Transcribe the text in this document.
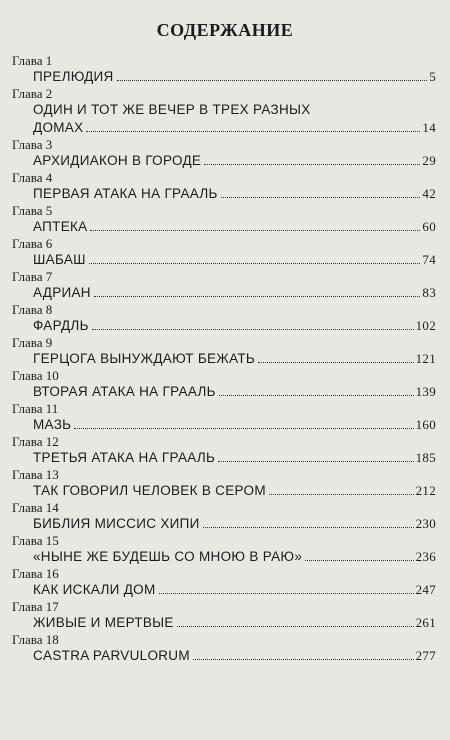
СОДЕРЖАНИЕ
Глава 1
ПРЕЛЮДИЯ	5
Глава 2
ОДИН И ТОТ ЖЕ ВЕЧЕР В ТРЕХ РАЗНЫХ
ДОМАХ	14
Глава 3
АРХИДИАКОН В ГОРОДЕ	29
Глава 4
ПЕРВАЯ АТАКА НА ГРААЛЬ	42
Глава 5
АПТЕКА	60
Глава 6
ШАБАШ	74
Глава 7
АДРИАН	83
Глава 8
ФАРДЛЬ	102
Глава 9
ГЕРЦОГА ВЫНУЖДАЮТ БЕЖАТЬ	121
Глава 10
ВТОРАЯ АТАКА НА ГРААЛЬ	139
Глава 11
МАЗЬ	160
Глава 12
ТРЕТЬЯ АТАКА НА ГРААЛЬ	185
Глава 13
ТАК ГОВОРИЛ ЧЕЛОВЕК В СЕРОМ	212
Глава 14
БИБЛИЯ МИССИС ХИПИ	230
Глава 15
«НЫНЕ ЖЕ БУДЕШЬ СО МНОЮ В РАЮ»	236
Глава 16
КАК ИСКАЛИ ДОМ	247
Глава 17
ЖИВЫЕ И МЕРТВЫЕ	261
Глава 18
CASTRA PARVULORUM	277
